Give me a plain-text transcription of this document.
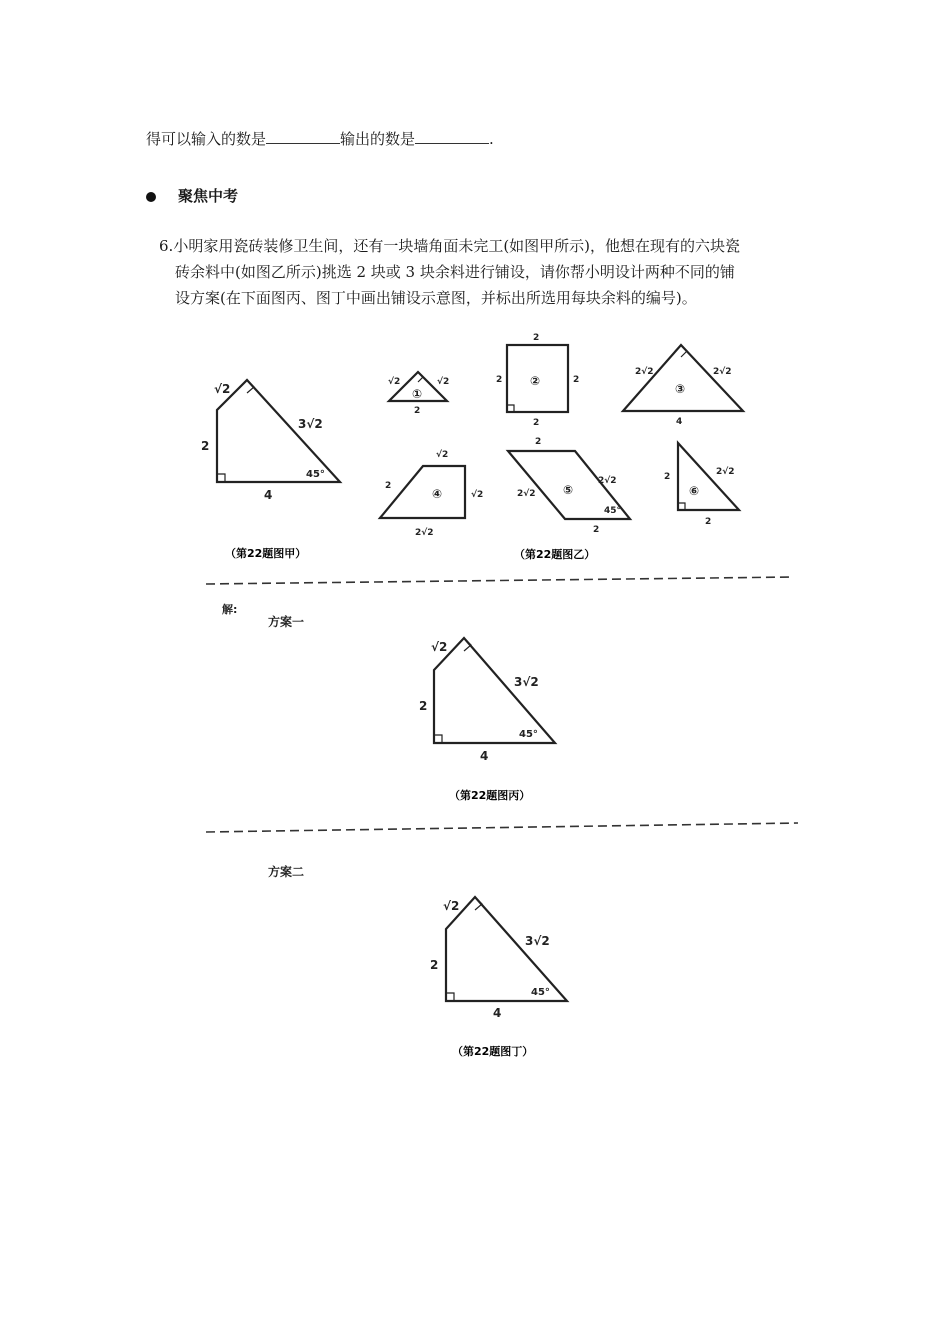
得可以输入的数是	输出的数是	.
聚焦中考
6.小明家用瓷砖装修卫生间，还有一块墙角面未完工(如图甲所示)，他想在现有的六块瓷
砖余料中(如图乙所示)挑选 2 块或 3 块余料进行铺设，请你帮小明设计两种不同的铺
设方案(在下面图丙、图丁中画出铺设示意图，并标出所选用每块余料的编号)。
√2
3√2
2
4
45°
（第22题图甲）
√2	√2
2
①
2
2	2
2
②
2√2	2√2
4
③
√2
2
√2
2√2
④
2
2√2
2√2
2
45°
⑤
2	2√2
2
⑥
（第22题图乙）
解:
方案一
√2
3√2
2
4
45°
（第22题图丙）
方案二
√2
3√2
2
4
45°
（第22题图丁）
